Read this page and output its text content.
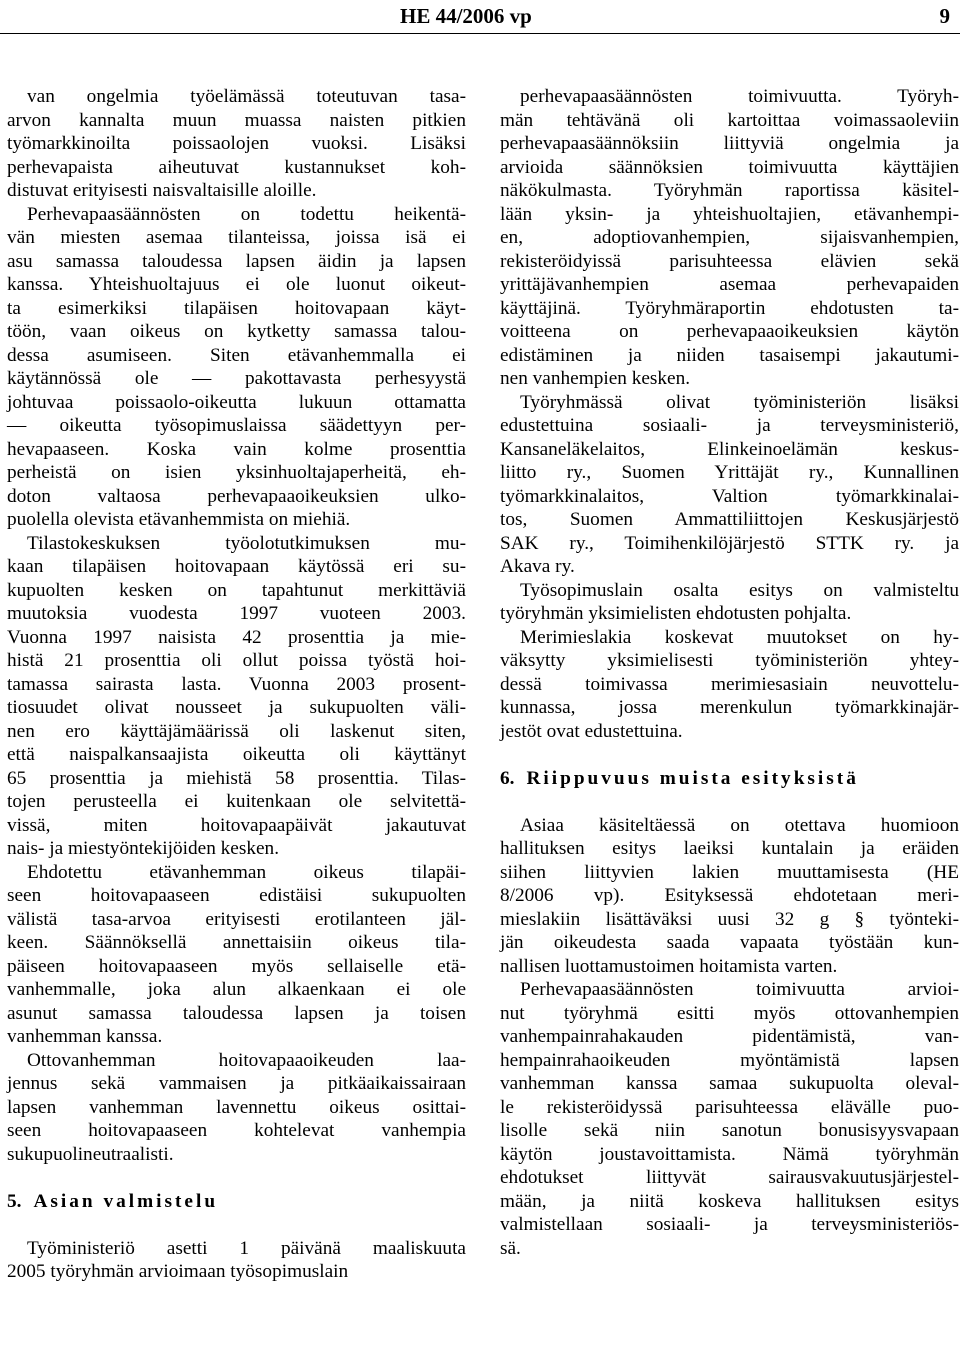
HE 44/2006 vp	9
van ongelmia työelämässä toteutuvan tasa-
arvon kannalta muun muassa naisten pitkien
työmarkkinoilta poissaolojen vuoksi. Lisäksi
perhevapaista aiheutuvat kustannukset koh-
distuvat erityisesti naisvaltaisille aloille.
Perhevapaasäännösten on todettu heikentä-
vän miesten asemaa tilanteissa, joissa isä ei
asu samassa taloudessa lapsen äidin ja lapsen
kanssa. Yhteishuoltajuus ei ole luonut oikeut-
ta esimerkiksi tilapäisen hoitovapaan käyt-
töön, vaan oikeus on kytketty samassa talou-
dessa asumiseen. Siten etävanhemmalla ei
käytännössä ole — pakottavasta perhesyystä
johtuvaa poissaolo-oikeutta lukuun ottamatta
— oikeutta työsopimuslaissa säädettyyn per-
hevapaaseen. Koska vain kolme prosenttia
perheistä on isien yksinhuoltajaperheitä, eh-
doton valtaosa perhevapaaoikeuksien ulko-
puolella olevista etävanhemmista on miehiä.
Tilastokeskuksen työolotutkimuksen mu-
kaan tilapäisen hoitovapaan käytössä eri su-
kupuolten kesken on tapahtunut merkittäviä
muutoksia vuodesta 1997 vuoteen 2003.
Vuonna 1997 naisista 42 prosenttia ja mie-
histä 21 prosenttia oli ollut poissa työstä hoi-
tamassa sairasta lasta. Vuonna 2003 prosent-
tiosuudet olivat nousseet ja sukupuolten väli-
nen ero käyttäjämäärissä oli laskenut siten,
että naispalkansaajista oikeutta oli käyttänyt
65 prosenttia ja miehistä 58 prosenttia. Tilas-
tojen perusteella ei kuitenkaan ole selvitettä-
vissä, miten hoitovapaapäivät jakautuvat
nais- ja miestyöntekijöiden kesken.
Ehdotettu etävanhemman oikeus tilapäi-
seen hoitovapaaseen edistäisi sukupuolten
välistä tasa-arvoa erityisesti erotilanteen jäl-
keen. Säännöksellä annettaisiin oikeus tila-
päiseen hoitovapaaseen myös sellaiselle etä-
vanhemmalle, joka alun alkaenkaan ei ole
asunut samassa taloudessa lapsen ja toisen
vanhemman kanssa.
Ottovanhemman hoitovapaaoikeuden laa-
jennus sekä vammaisen ja pitkäaikaissairaan
lapsen vanhemman lavennettu oikeus osittai-
seen hoitovapaaseen kohtelevat vanhempia
sukupuolineutraalisti.
5. Asian valmistelu
Työministeriö asetti 1 päivänä maaliskuuta
2005 työryhmän arvioimaan työsopimuslain
perhevapaasäännösten toimivuutta. Työryh-
män tehtävänä oli kartoittaa voimassaoleviin
perhevapaasäännöksiin liittyviä ongelmia ja
arvioida säännöksien toimivuutta käyttäjien
näkökulmasta. Työryhmän raportissa käsitel-
lään yksin- ja yhteishuoltajien, etävanhempi-
en, adoptiovanhempien, sijaisvanhempien,
rekisteröidyissä parisuhteessa elävien sekä
yrittäjävanhempien asemaa perhevapaiden
käyttäjinä. Työryhmäraportin ehdotusten ta-
voitteena on perhevapaaoikeuksien käytön
edistäminen ja niiden tasaisempi jakautumi-
nen vanhempien kesken.
Työryhmässä olivat työministeriön lisäksi
edustettuina sosiaali- ja terveysministeriö,
Kansaneläkelaitos, Elinkeinoelämän keskus-
liitto ry., Suomen Yrittäjät ry., Kunnallinen
työmarkkinalaitos, Valtion työmarkkinalai-
tos, Suomen Ammattiliittojen Keskusjärjestö
SAK ry., Toimihenkilöjärjestö STTK ry. ja
Akava ry.
Työsopimuslain osalta esitys on valmisteltu
työryhmän yksimielisten ehdotusten pohjalta.
Merimieslakia koskevat muutokset on hy-
väksytty yksimielisesti työministeriön yhtey-
dessä toimivassa merimiesasiain neuvottelu-
kunnassa, jossa merenkulun työmarkkinajär-
jestöt ovat edustettuina.
6. Riippuvuus muista esityksistä
Asiaa käsiteltäessä on otettava huomioon
hallituksen esitys laeiksi kuntalain ja eräiden
siihen liittyvien lakien muuttamisesta (HE
8/2006 vp). Esityksessä ehdotetaan meri-
mieslakiin lisättäväksi uusi 32 g § työnteki-
jän oikeudesta saada vapaata työstään kun-
nallisen luottamustoimen hoitamista varten.
Perhevapaasäännösten toimivuutta arvioi-
nut työryhmä esitti myös ottovanhempien
vanhempainrahakauden pidentämistä, van-
hempainrahaoikeuden myöntämistä lapsen
vanhemman kanssa samaa sukupuolta oleval-
le rekisteröidyssä parisuhteessa elävälle puo-
lisolle sekä niin sanotun bonusisyysvapaan
käytön joustavoittamista. Nämä työryhmän
ehdotukset liittyvät sairausvakuutusjärjestel-
mään, ja niitä koskeva hallituksen esitys
valmistellaan sosiaali- ja terveysministeriös-
sä.
